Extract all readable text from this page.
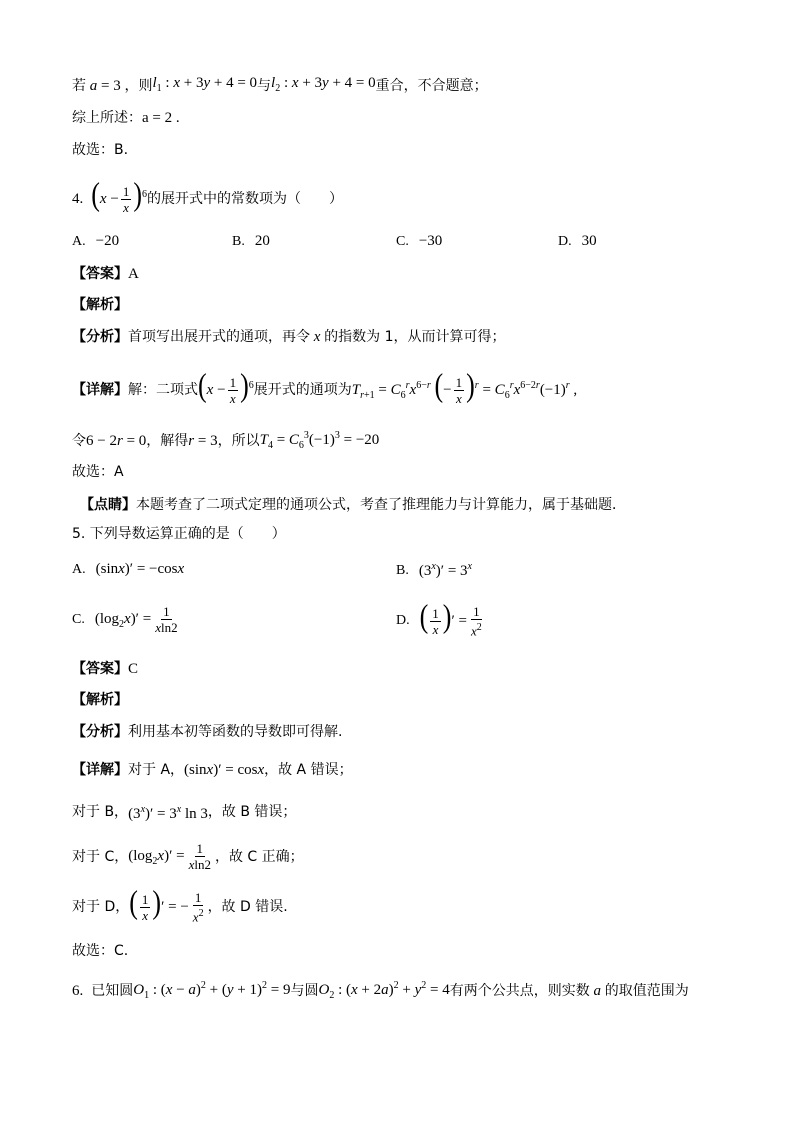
若 a = 3 ，则 $l_1$ : x + 3y + 4 = 0 与 $l_2$ : x + 3y + 4 = 0 重合，不合题意；
综上所述： a = 2 .
故选：B.
4. $(x - \frac{1}{x} )^6$ 的展开式中的常数项为（　　）
A. −20	B. 20	C. −30	D. 30
【答案】 A
【解析】
【分析】 首项写出展开式的通项，再令 x 的指数为 1，从而计算可得；
【详解】 解：二项式 $(x - \frac{1}{x} )^6$ 展开式的通项为 $T_{r+1} = C_6^rx^{6-r}$ (− $\frac{1}{x} )^r = C_6^rx^{6-2r}(-1)^r$ ,
令 6 − 2r = 0 ，解得 r = 3 ，所以 $T_4 = C_6^3(-1)^3 = -20$
故选：A
【点睛】 本题考查了二项式定理的通项公式，考查了推理能力与计算能力，属于基础题．
5. 下列导数运算正确的是（　　）
A. (sinx)′ = −cosx	B. $(3^x)' = 3^x$
C. $(\log_2x)' = \frac{1}{xln2}$	D. ( $\frac{1}{x}$ )′ = $\frac{1}{x^2}$
【答案】 C
【解析】
【分析】 利用基本初等函数的导数即可得解.
【详解】 对于 A， (sinx)′ = cosx ，故 A 错误；
对于 B， $(3^x)' = 3^x$ ln 3 ，故 B 错误；
对于 C， $(\log_2x)' = \frac{1}{xln2}$ ，故 C 正确；
对于 D， ( $\frac{1}{x}$ )′ = − $\frac{1}{x^2}$ ，故 D 错误.
故选：C.
6. 已知圆 $O_1$ : $(x - a)^2 + (y + 1)^2 = 9$ 与圆 $O_2$ : $(x + 2a)^2 + y^2 = 4$ 有两个公共点，则实数 a 的取值范围为
